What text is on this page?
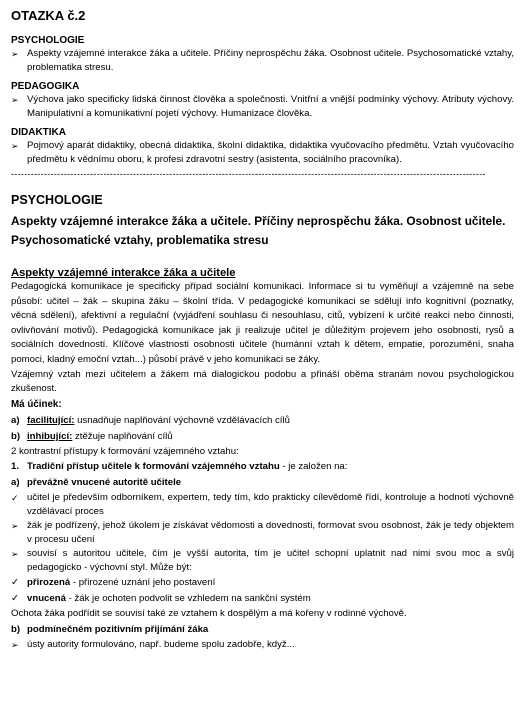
OTAZKA č.2
PSYCHOLOGIE
➢ Aspekty vzájemné interakce žáka a učitele. Příčiny neprospěchu žáka. Osobnost učitele. Psychosomatické vztahy, problematika stresu.
PEDAGOGIKA
➢ Výchova jako specificky lidská činnost člověka a společnosti. Vnitřní a vnější podmínky výchovy. Atributy výchovy. Manipulativní a komunikativní pojetí výchovy. Humanizace člověka.
DIDAKTIKA
➢ Pojmový aparát didaktiky, obecná didaktika, školní didaktika, didaktika vyučovacího předmětu. Vztah vyučovacího předmětu k vědnímu oboru, k profesi zdravotní sestry (asistenta, sociálního pracovníka).
------------------------------------------------------------------------------------------------------------------------------------------------
PSYCHOLOGIE
Aspekty vzájemné interakce žáka a učitele. Příčiny neprospěchu žáka. Osobnost učitele. Psychosomatické vztahy, problematika stresu
Aspekty vzájemné interakce žáka a učitele

Pedagogická komunikace je specificky případ sociální komunikaci. Informace si tu vyměňují a vzájemně na sebe působí: učitel – žák – skupina žáku – školní třída. V pedagogické komunikaci se sdělují info kognitivní (poznatky, věcná sdělení), afektivní a regulační (vyjádření souhlasu či nesouhlasu, citů, vybízení k určité reakci nebo činnosti, ovlivňování motivů). Pedagogická komunikace jak ji realizuje učitel je důležitým projevem jeho osobnosti, rysů a sociálních dovedností. Klíčové vlastnosti osobnosti učitele (humánní vztah k dětem, empatie, porozumění, snaha pomoci, kladný emoční vztah...) působí právě v jeho komunikaci se žáky.

Vzájemný vztah mezi učitelem a žákem má dialogickou podobu a přináší oběma stranám novou psychologickou zkušenost.

Má účinek:
a) facilitující: usnadňuje naplňování výchovně vzdělávacích cílů
b) inhibující: ztěžuje naplňování cílů

2 kontrastní přístupy k formování vzájemného vztahu:

1. Tradiční přístup učitele k formování vzájemného vztahu - je založen na:
a) převážně vnucené autoritě učitele
✓ učitel je především odborníkem, expertem, tedy tím, kdo prakticky cílevědomě řídí, kontroluje a hodnotí výchovně vzdělávací proces
➢ žák je podřízený, jehož úkolem je získávat vědomosti a dovednosti, formovat svou osobnost, žák je tedy objektem v procesu učení
➢ souvisí s autoritou učitele, čím je vyšší autorita, tím je učitel schopní uplatnit nad nimi svou moc a svůj pedagogicko - výchovní styl. Může být:
✓ přirozená - přirozené uznání jeho postavení
✓ vnucená - žák je ochoten podvolit se vzhledem na sankční systém

Ochota žáka podřídit se souvisí také ze vztahem k dospělým a má kořeny v rodinné výchově.

b) podmínečném pozitivním přijímání žáka
➢ ústy autority formulováno, např. budeme spolu zadobře, když...
